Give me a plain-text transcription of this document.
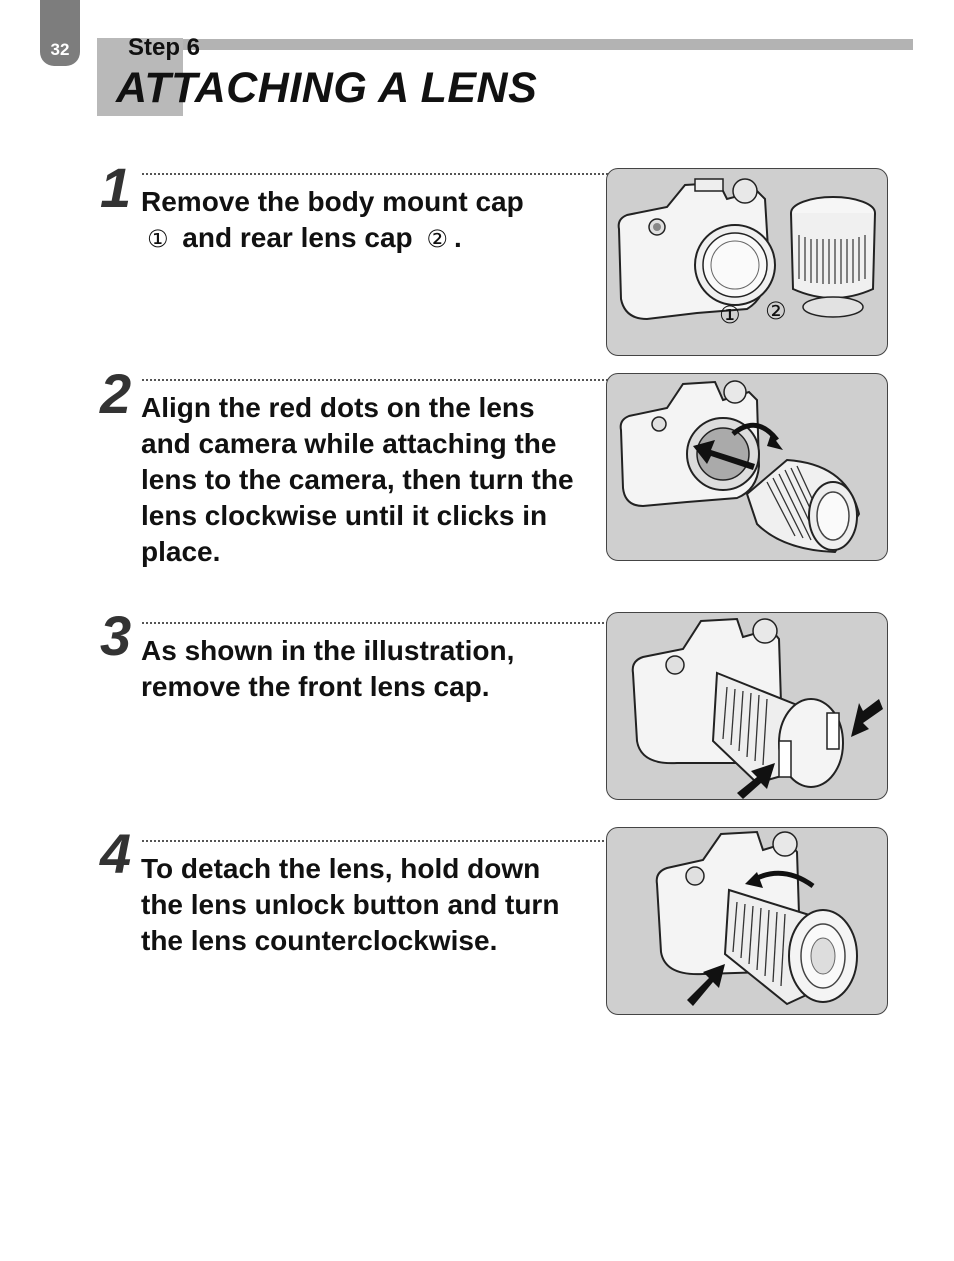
32	Step 6
ATTACHING A LENS
1 Remove the body mount cap
① and rear lens cap ② .

① ②
2 Align the red dots on the lens and camera while attaching the lens to the camera, then turn the lens clockwise until it clicks in place.

3 As shown in the illustration, remove the front lens cap.

4 To detach the lens, hold down the lens unlock button and turn the lens counterclockwise.
